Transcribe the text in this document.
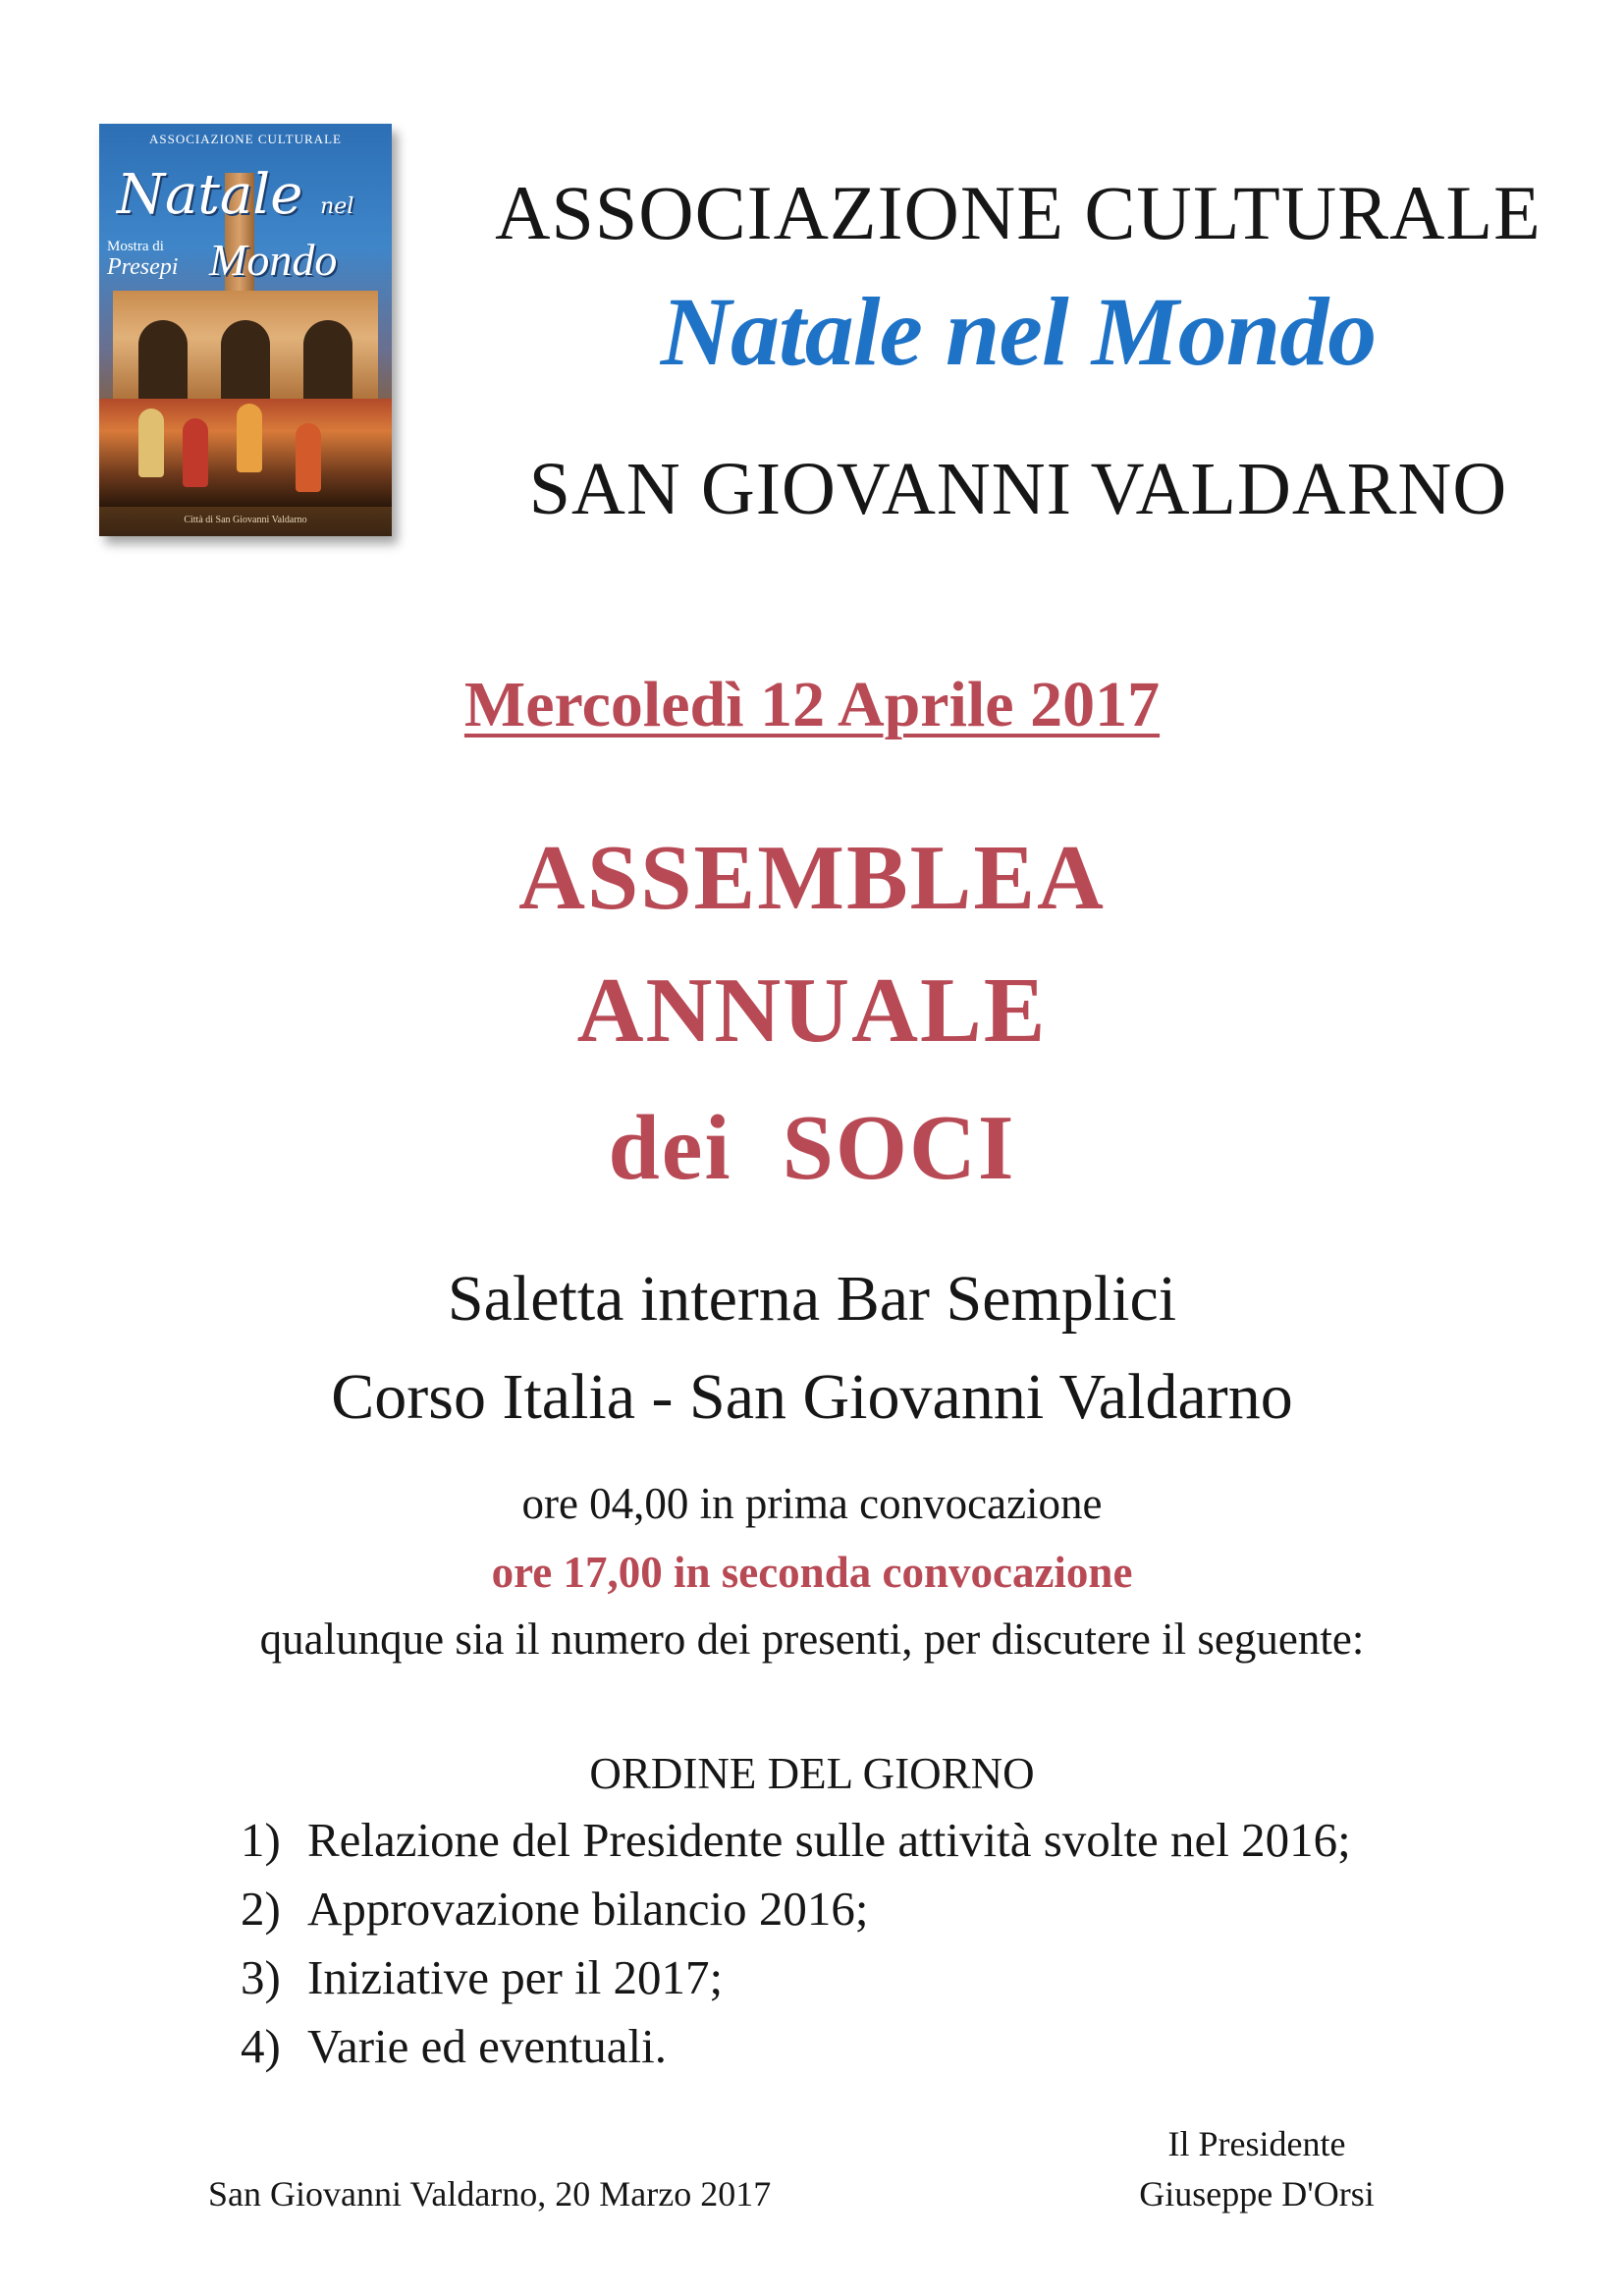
ASSOCIAZIONE CULTURALE
Natale nel
Mostra di
Presepi Mondo
Città di San Giovanni Valdarno
ASSOCIAZIONE CULTURALE
Natale nel Mondo
SAN GIOVANNI VALDARNO
Mercoledì 12 Aprile 2017
ASSEMBLEA
ANNUALE
dei  SOCI
Saletta interna Bar Semplici
Corso Italia - San Giovanni Valdarno
ore 04,00 in prima convocazione
ore 17,00 in seconda convocazione
qualunque sia il numero dei presenti, per discutere il seguente:
ORDINE DEL GIORNO
1) Relazione del Presidente sulle attività svolte nel 2016;
2) Approvazione bilancio 2016;
3) Iniziative per il 2017;
4) Varie ed eventuali.
San Giovanni Valdarno, 20 Marzo 2017
Il Presidente
Giuseppe D'Orsi
